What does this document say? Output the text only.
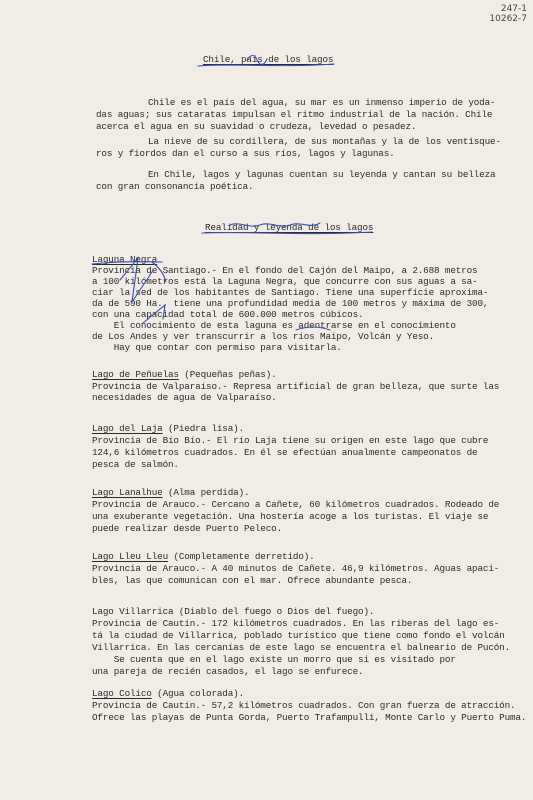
247-1
10262-7
Chile, país de los lagos
Chile es el país del agua, su mar es un inmenso imperio de yoda-
das aguas; sus cataratas impulsan el ritmo industrial de la nación. Chile
acerca el agua en su suavidad o crudeza, levedad o pesadez.
La nieve de su cordillera, de sus montañas y la de los ventisque-
ros y fiordos dan el curso a sus ríos, lagos y lagunas.
En Chile, lagos y lagunas cuentan su leyenda y cantan su belleza
con gran consonancia poética.
Realidad y leyenda de los lagos
Laguna Negra
Provincia de Santiago.- En el fondo del Cajón del Maipo, a 2.688 metros
a 100 kilómetros está la Laguna Negra, que concurre con sus aguas a sa-
ciar la sed de los habitantes de Santiago. Tiene una superficie aproxima-
da de 590 Ha., tiene una profundidad media de 100 metros y máxima de 300,
con una capacidad total de 600.000 metros cúbicos.
El conocimiento de esta laguna es adentrarse en el conocimiento
de Los Andes y ver transcurrir a los ríos Maipo, Volcán y Yeso.
Hay que contar con permiso para visitarla.
Lago de Peñuelas (Pequeñas peñas).
Provincia de Valparaíso.- Represa artificial de gran belleza, que surte las
necesidades de agua de Valparaíso.
Lago del Laja (Piedra lisa).
Provincia de Bío Bío.- El río Laja tiene su origen en este lago que cubre
124,6 kilómetros cuadrados. En él se efectúan anualmente campeonatos de
pesca de salmón.
Lago Lanalhue (Alma perdida).
Provincia de Arauco.- Cercano a Cañete, 60 kilómetros cuadrados. Rodeado de
una exuberante vegetación. Una hostería acoge a los turistas. El viaje se
puede realizar desde Puerto Peleco.
Lago Lleu Lleu (Completamente derretido).
Provincia de Arauco.- A 40 minutos de Cañete. 46,9 kilómetros. Aguas apaci-
bles, las que comunican con el mar. Ofrece abundante pesca.
Lago Villarrica (Diablo del fuego o Dios del fuego).
Provincia de Cautín.- 172 kilómetros cuadrados. En las riberas del lago es-
tá la ciudad de Villarrica, poblado turístico que tiene como fondo el volcán
Villarrica. En las cercanías de este lago se encuentra el balneario de Pucón.
Se cuenta que en el lago existe un morro que si es visitado por
una pareja de recién casados, el lago se enfurece.
Lago Colico (Agua colorada).
Provincia de Cautín.- 57,2 kilómetros cuadrados. Con gran fuerza de atracción.
Ofrece las playas de Punta Gorda, Puerto Trafampulli, Monte Carlo y Puerto Puma.
